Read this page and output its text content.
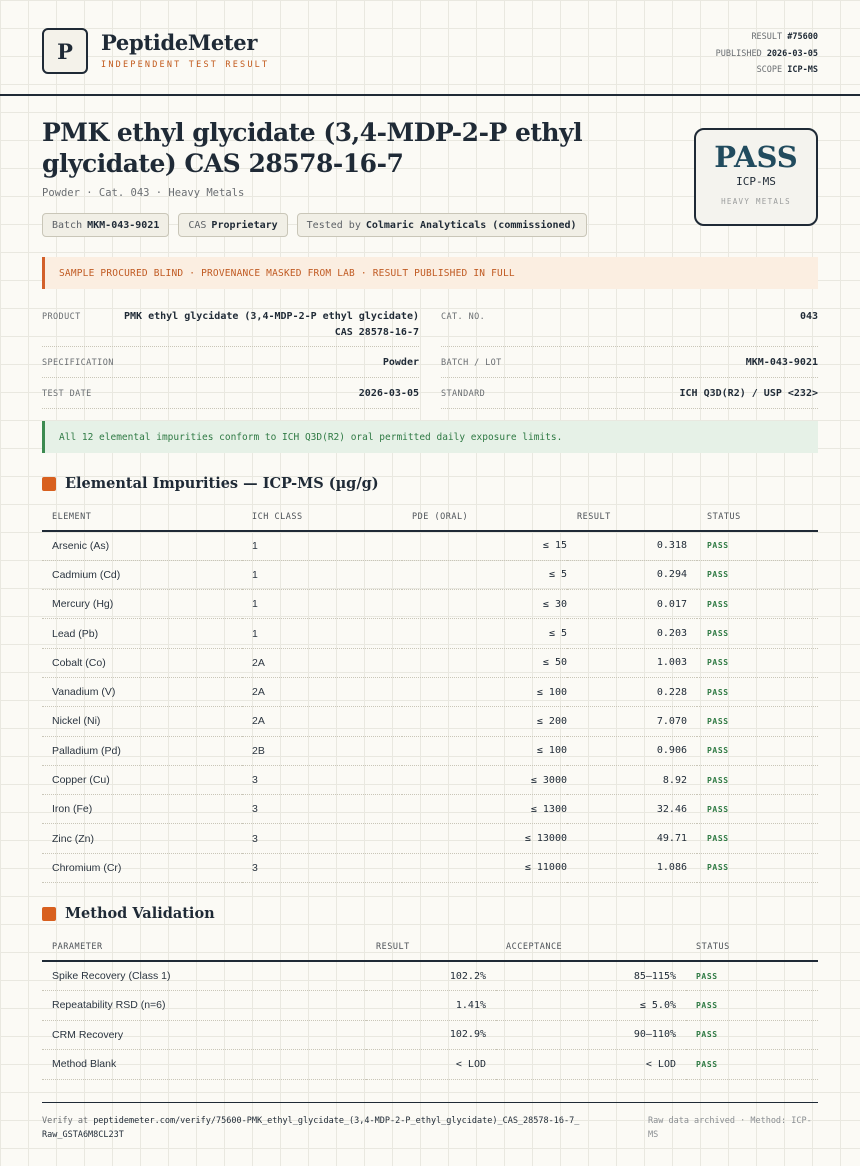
P	PeptideMeter
INDEPENDENT TEST RESULT
RESULT #75600
PUBLISHED 2026-03-05
SCOPE ICP-MS
PMK ethyl glycidate (3,4-MDP-2-P ethyl glycidate) CAS 28578-16-7
Powder · Cat. 043 · Heavy Metals
Batch MKM-043-9021	CAS Proprietary	Tested by Colmaric Analyticals (commissioned)
PASS
ICP-MS
HEAVY METALS
SAMPLE PROCURED BLIND · PROVENANCE MASKED FROM LAB · RESULT PUBLISHED IN FULL
PRODUCT	PMK ethyl glycidate (3,4-MDP-2-P ethyl glycidate) CAS 28578-16-7
CAT. NO.	043
SPECIFICATION	Powder	BATCH / LOT	MKM-043-9021
TEST DATE	2026-03-05	STANDARD	ICH Q3D(R2) / USP <232>
All 12 elemental impurities conform to ICH Q3D(R2) oral permitted daily exposure limits.
Elemental Impurities — ICP-MS (µg/g)
ELEMENT	ICH CLASS	PDE (ORAL)	RESULT	STATUS
Arsenic (As)	1	≤ 15	0.318	PASS
Cadmium (Cd)	1	≤ 5	0.294	PASS
Mercury (Hg)	1	≤ 30	0.017	PASS
Lead (Pb)	1	≤ 5	0.203	PASS
Cobalt (Co)	2A	≤ 50	1.003	PASS
Vanadium (V)	2A	≤ 100	0.228	PASS
Nickel (Ni)	2A	≤ 200	7.070	PASS
Palladium (Pd)	2B	≤ 100	0.906	PASS
Copper (Cu)	3	≤ 3000	8.92	PASS
Iron (Fe)	3	≤ 1300	32.46	PASS
Zinc (Zn)	3	≤ 13000	49.71	PASS
Chromium (Cr)	3	≤ 11000	1.086	PASS
Method Validation
PARAMETER	RESULT	ACCEPTANCE	STATUS
Spike Recovery (Class 1)	102.2%	85–115%	PASS
Repeatability RSD (n=6)	1.41%	≤ 5.0%	PASS
CRM Recovery	102.9%	90–110%	PASS
Method Blank	< LOD	< LOD	PASS
Verify at peptidemeter.com/verify/75600-PMK_ethyl_glycidate_(3,4-MDP-2-P_ethyl_glycidate)_CAS_28578-16-7_Raw_GSTA6M8CL23T
Raw data archived · Method: ICP-MS
